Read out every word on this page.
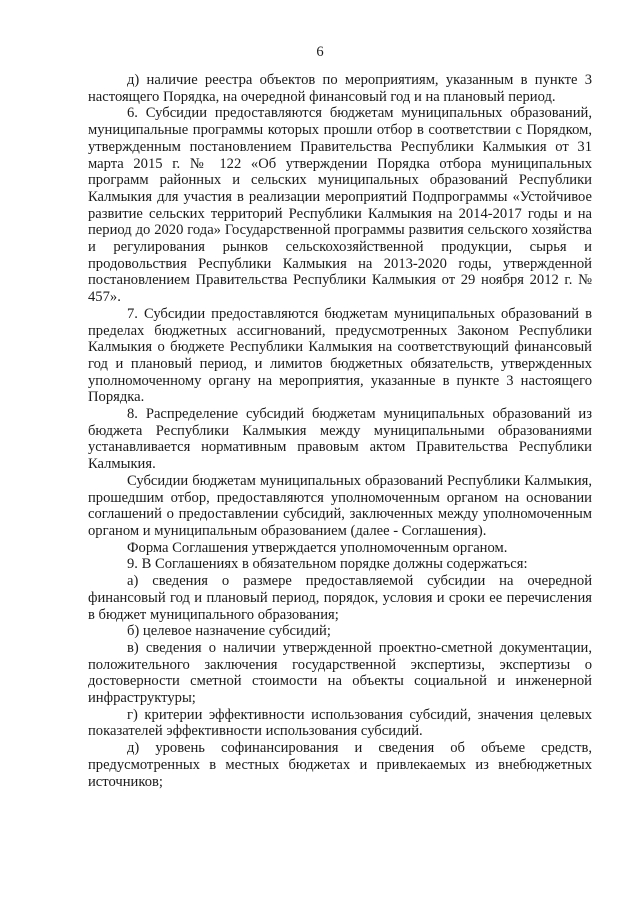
6

д) наличие реестра объектов по мероприятиям, указанным в пункте 3 настоящего Порядка, на очередной финансовый год и на плановый период.

6. Субсидии предоставляются бюджетам муниципальных образований, муниципальные программы которых прошли отбор в соответствии с Порядком, утвержденным постановлением Правительства Республики Калмыкия от 31 марта 2015 г. № 122 «Об утверждении Порядка отбора муниципальных программ районных и сельских муниципальных образований Республики Калмыкия для участия в реализации мероприятий Подпрограммы «Устойчивое развитие сельских территорий Республики Калмыкия на 2014-2017 годы и на период до 2020 года» Государственной программы развития сельского хозяйства и регулирования рынков сельскохозяйственной продукции, сырья и продовольствия Республики Калмыкия на 2013-2020 годы, утвержденной постановлением Правительства Республики Калмыкия от 29 ноября 2012 г. № 457».

7. Субсидии предоставляются бюджетам муниципальных образований в пределах бюджетных ассигнований, предусмотренных Законом Республики Калмыкия о бюджете Республики Калмыкия на соответствующий финансовый год и плановый период, и лимитов бюджетных обязательств, утвержденных уполномоченному органу на мероприятия, указанные в пункте 3 настоящего Порядка.

8. Распределение субсидий бюджетам муниципальных образований из бюджета Республики Калмыкия между муниципальными образованиями устанавливается нормативным правовым актом Правительства Республики Калмыкия.

Субсидии бюджетам муниципальных образований Республики Калмыкия, прошедшим отбор, предоставляются уполномоченным органом на основании соглашений о предоставлении субсидий, заключенных между уполномоченным органом и муниципальным образованием (далее - Соглашения).

Форма Соглашения утверждается уполномоченным органом.

9. В Соглашениях в обязательном порядке должны содержаться:

а) сведения о размере предоставляемой субсидии на очередной финансовый год и плановый период, порядок, условия и сроки ее перечисления в бюджет муниципального образования;

б) целевое назначение субсидий;

в) сведения о наличии утвержденной проектно-сметной документации, положительного заключения государственной экспертизы, экспертизы о достоверности сметной стоимости на объекты социальной и инженерной инфраструктуры;

г) критерии эффективности использования субсидий, значения целевых показателей эффективности использования субсидий.

д) уровень софинансирования и сведения об объеме средств, предусмотренных в местных бюджетах и привлекаемых из внебюджетных источников;
